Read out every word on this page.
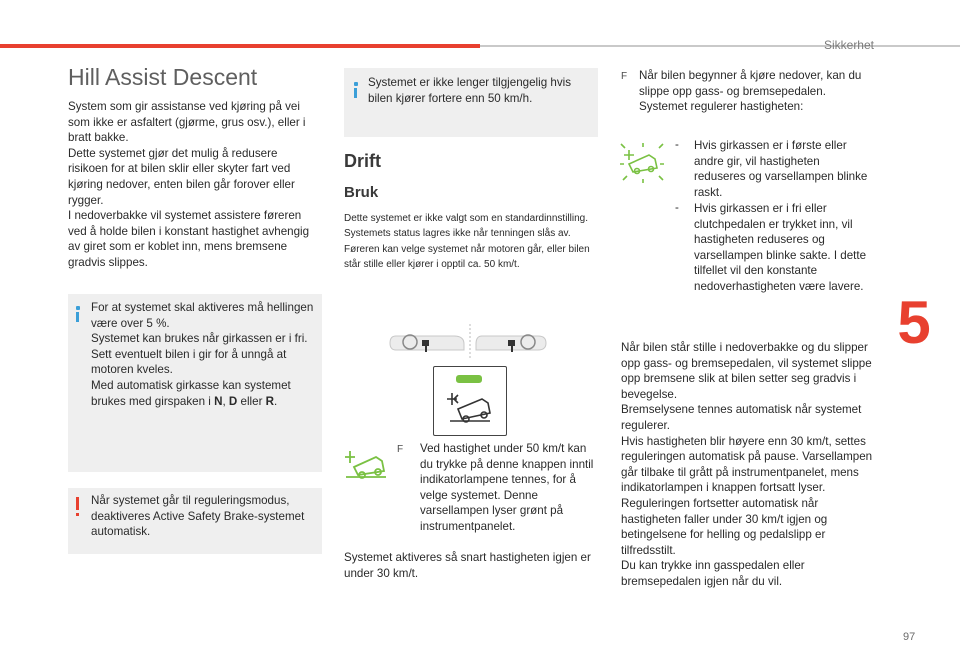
Sikkerhet
5
Hill Assist Descent
System som gir assistanse ved kjøring på vei som ikke er asfaltert (gjørme, grus osv.), eller i bratt bakke.
Dette systemet gjør det mulig å redusere risikoen for at bilen sklir eller skyter fart ved kjøring nedover, enten bilen går forover eller rygger.
I nedoverbakke vil systemet assistere føreren ved å holde bilen i konstant hastighet avhengig av giret som er koblet inn, mens bremsene gradvis slippes.
For at systemet skal aktiveres må hellingen være over 5 %.
Systemet kan brukes når girkassen er i fri. Sett eventuelt bilen i gir for å unngå at motoren kveles.
Med automatisk girkasse kan systemet brukes med girspaken i N, D eller R.
Når systemet går til reguleringsmodus, deaktiveres Active Safety Brake-systemet automatisk.
Systemet er ikke lenger tilgjengelig hvis bilen kjører fortere enn 50 km/h.
Drift
Bruk
Dette systemet er ikke valgt som en standardinnstilling.
Systemets status lagres ikke når tenningen slås av. Føreren kan velge systemet når motoren går, eller bilen står stille eller kjører i opptil ca. 50 km/t.
F Ved hastighet under 50 km/t kan du trykke på denne knappen inntil indikatorlampene tennes, for å velge systemet. Denne varsellampen lyser grønt på instrumentpanelet.
Systemet aktiveres så snart hastigheten igjen er under 30 km/t.
F Når bilen begynner å kjøre nedover, kan du slippe opp gass- og bremsepedalen. Systemet regulerer hastigheten:
- Hvis girkassen er i første eller andre gir, vil hastigheten reduseres og varsellampen blinke raskt.
- Hvis girkassen er i fri eller clutchpedalen er trykket inn, vil hastigheten reduseres og varsellampen blinke sakte. I dette tilfellet vil den konstante nedoverhastigheten være lavere.
Når bilen står stille i nedoverbakke og du slipper opp gass- og bremsepedalen, vil systemet slippe opp bremsene slik at bilen setter seg gradvis i bevegelse.
Bremselysene tennes automatisk når systemet regulerer.
Hvis hastigheten blir høyere enn 30 km/t, settes reguleringen automatisk på pause. Varsellampen går tilbake til grått på instrumentpanelet, mens indikatorlampen i knappen fortsatt lyser.
Reguleringen fortsetter automatisk når hastigheten faller under 30 km/t igjen og betingelsene for helling og pedalslipp er tilfredsstilt.
Du kan trykke inn gasspedalen eller bremsepedalen igjen når du vil.
97
